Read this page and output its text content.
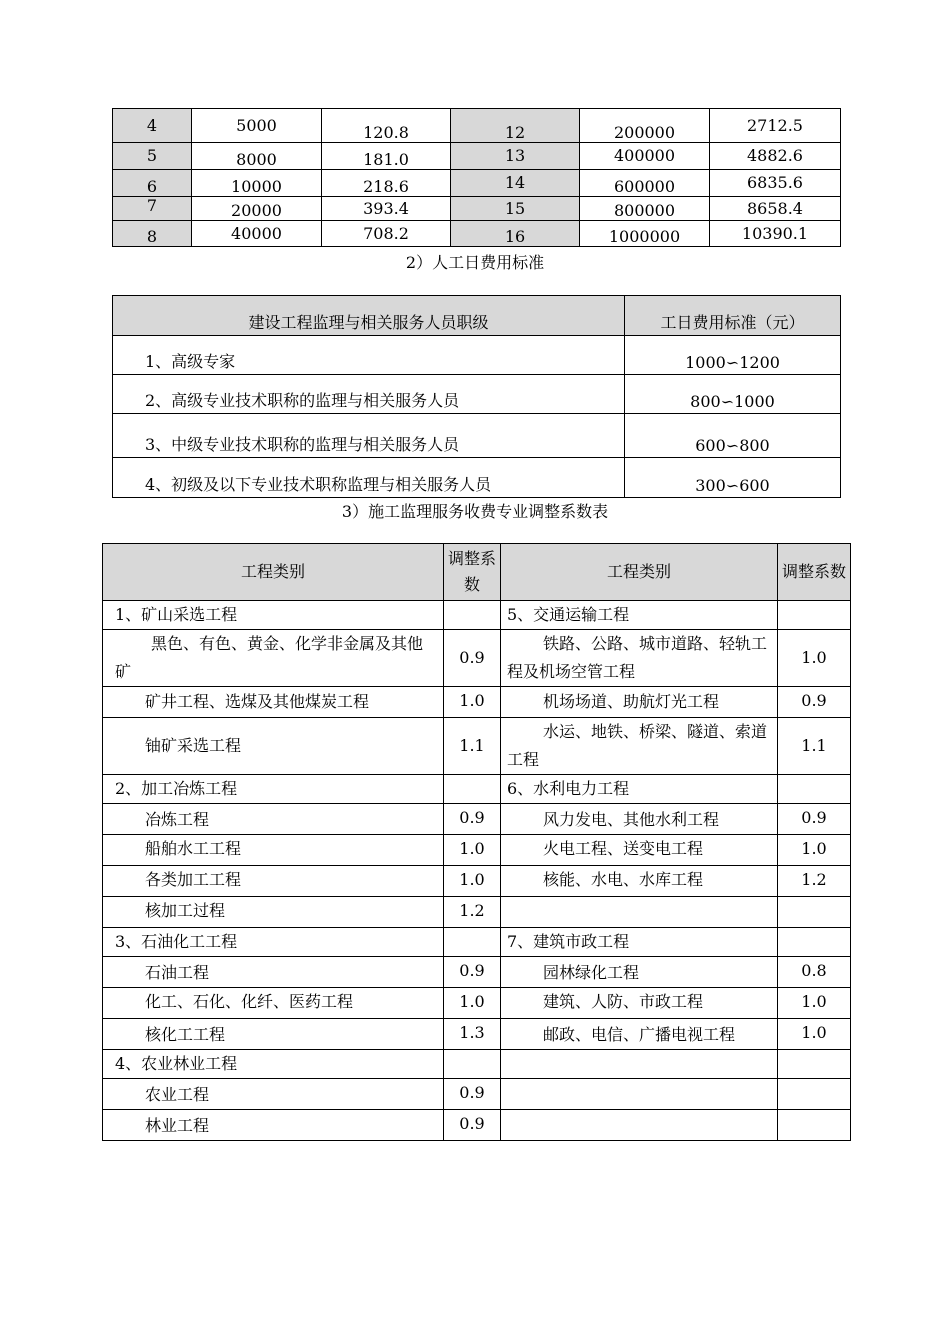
4	5000	120.8	12	200000	2712.5
5	8000	181.0	13	400000	4882.6
6	10000	218.6	14	600000	6835.6
7	20000	393.4	15	800000	8658.4
8	40000	708.2	16	1000000	10390.1
2）人工日费用标准
建设工程监理与相关服务人员职级	工日费用标准（元）
1、高级专家	1000∽1200
2、高级专业技术职称的监理与相关服务人员	800∽1000
3、中级专业技术职称的监理与相关服务人员	600∽800
4、初级及以下专业技术职称监理与相关服务人员	300∽600
3）施工监理服务收费专业调整系数表
工程类别	调整系数	工程类别	调整系数
1、矿山采选工程		5、交通运输工程	
黑色、有色、黄金、化学非金属及其他矿	0.9	铁路、公路、城市道路、轻轨工程及机场空管工程	1.0
矿井工程、选煤及其他煤炭工程	1.0	机场场道、助航灯光工程	0.9
铀矿采选工程	1.1	水运、地铁、桥梁、隧道、索道工程	1.1
2、加工冶炼工程		6、水利电力工程	
冶炼工程	0.9	风力发电、其他水利工程	0.9
船舶水工工程	1.0	火电工程、送变电工程	1.0
各类加工工程	1.0	核能、水电、水库工程	1.2
核加工过程	1.2		
3、石油化工工程		7、建筑市政工程	
石油工程	0.9	园林绿化工程	0.8
化工、石化、化纤、医药工程	1.0	建筑、人防、市政工程	1.0
核化工工程	1.3	邮政、电信、广播电视工程	1.0
4、农业林业工程			
农业工程	0.9		
林业工程	0.9		
